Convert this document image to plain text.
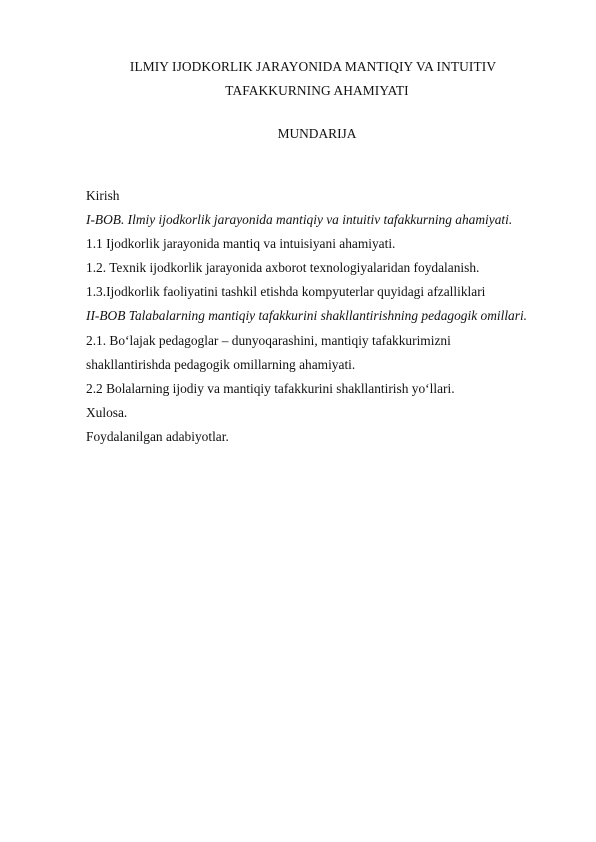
ILMIY IJODKORLIK JARAYONIDA MANTIQIY VA INTUITIV
TAFAKKURNING AHAMIYATI
MUNDARIJA
Kirish
I-BOB. Ilmiy ijodkorlik jarayonida mantiqiy va intuitiv tafakkurning ahamiyati.
1.1 Ijodkorlik jarayonida mantiq va intuisiyani ahamiyati.
1.2. Texnik ijodkorlik jarayonida axborot texnologiyalaridan foydalanish.
1.3.Ijodkorlik faoliyatini tashkil etishda kompyuterlar quyidagi afzalliklari
II-BOB Talabalarning mantiqiy tafakkurini shakllantirishning pedagogik omillari.
2.1. Bo‘lajak pedagoglar – dunyoqarashini, mantiqiy tafakkurimizni
shakllantirishda pedagogik omillarning ahamiyati.
2.2 Bolalarning ijodiy va mantiqiy tafakkurini shakllantirish yo‘llari.
Xulosa.
Foydalanilgan adabiyotlar.
